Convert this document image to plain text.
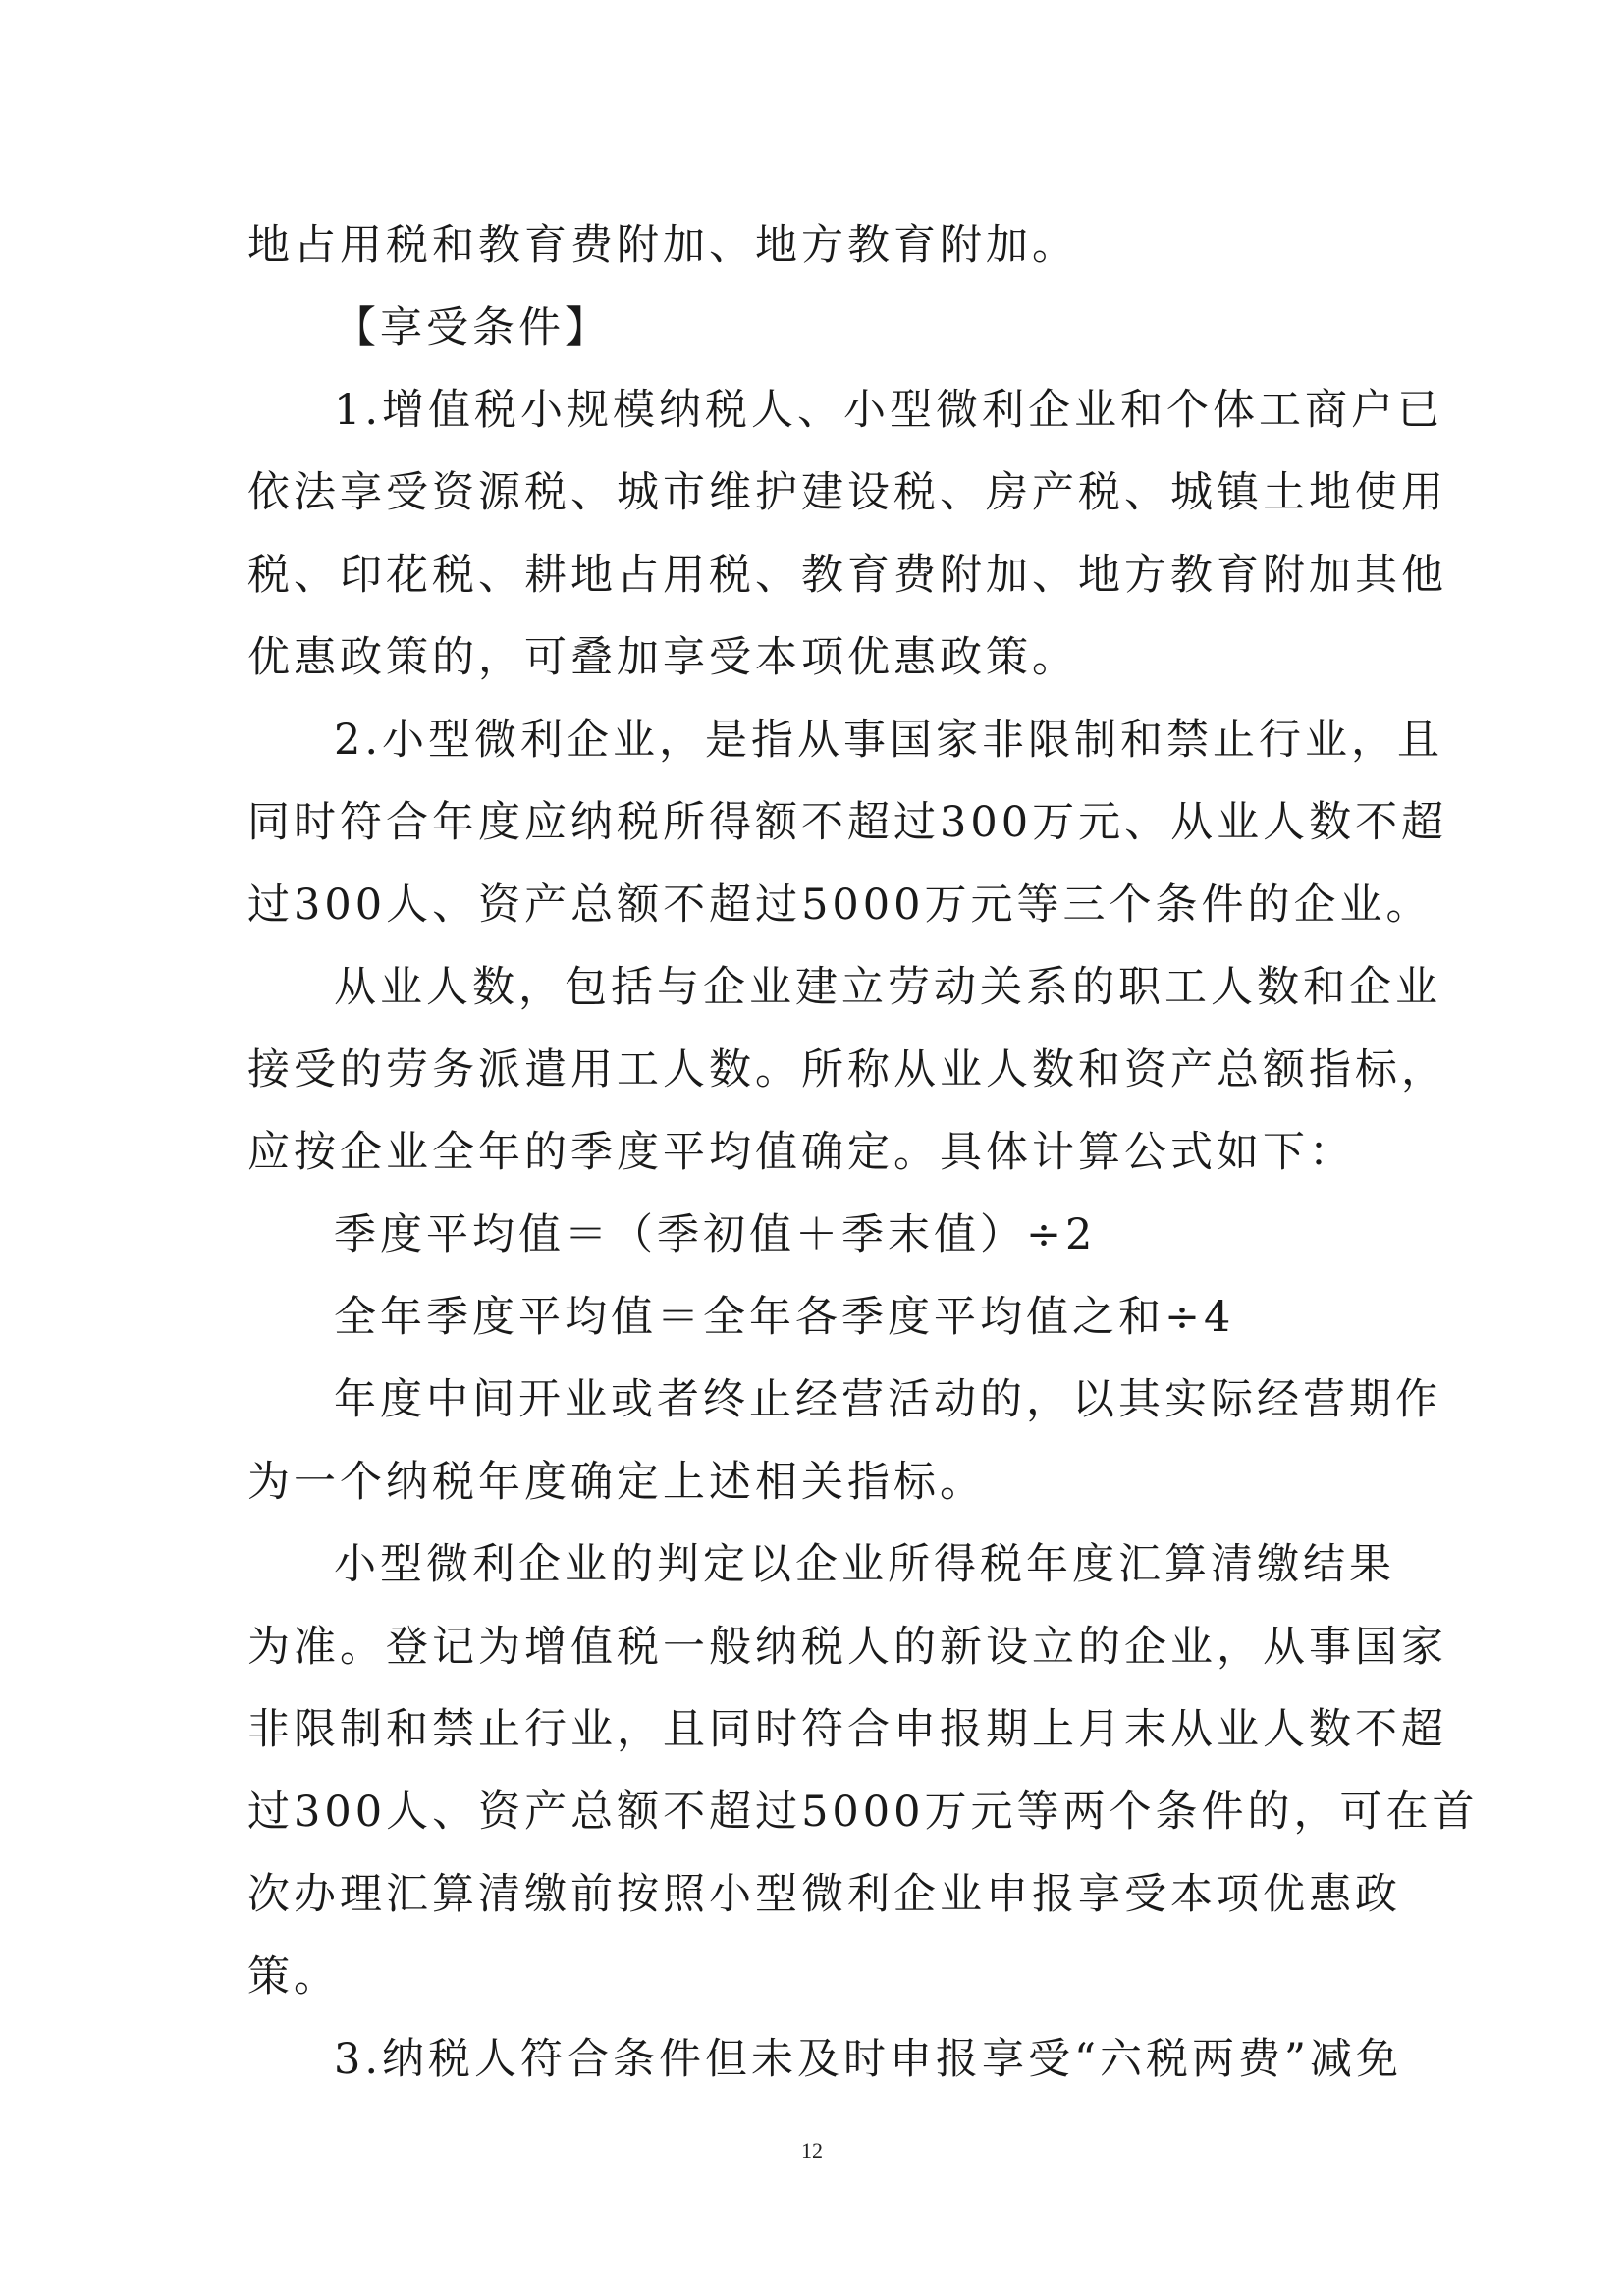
地占用税和教育费附加、地方教育附加。
【享受条件】
1.增值税小规模纳税人、小型微利企业和个体工商户已
依法享受资源税、城市维护建设税、房产税、城镇土地使用
税、印花税、耕地占用税、教育费附加、地方教育附加其他
优惠政策的，可叠加享受本项优惠政策。
2.小型微利企业，是指从事国家非限制和禁止行业，且
同时符合年度应纳税所得额不超过300万元、从业人数不超
过300人、资产总额不超过5000万元等三个条件的企业。
从业人数，包括与企业建立劳动关系的职工人数和企业
接受的劳务派遣用工人数。所称从业人数和资产总额指标，
应按企业全年的季度平均值确定。具体计算公式如下：
季度平均值＝（季初值＋季末值）÷2
全年季度平均值＝全年各季度平均值之和÷4
年度中间开业或者终止经营活动的，以其实际经营期作
为一个纳税年度确定上述相关指标。
小型微利企业的判定以企业所得税年度汇算清缴结果
为准。登记为增值税一般纳税人的新设立的企业，从事国家
非限制和禁止行业，且同时符合申报期上月末从业人数不超
过300人、资产总额不超过5000万元等两个条件的，可在首
次办理汇算清缴前按照小型微利企业申报享受本项优惠政
策。
3.纳税人符合条件但未及时申报享受“六税两费”减免
12
